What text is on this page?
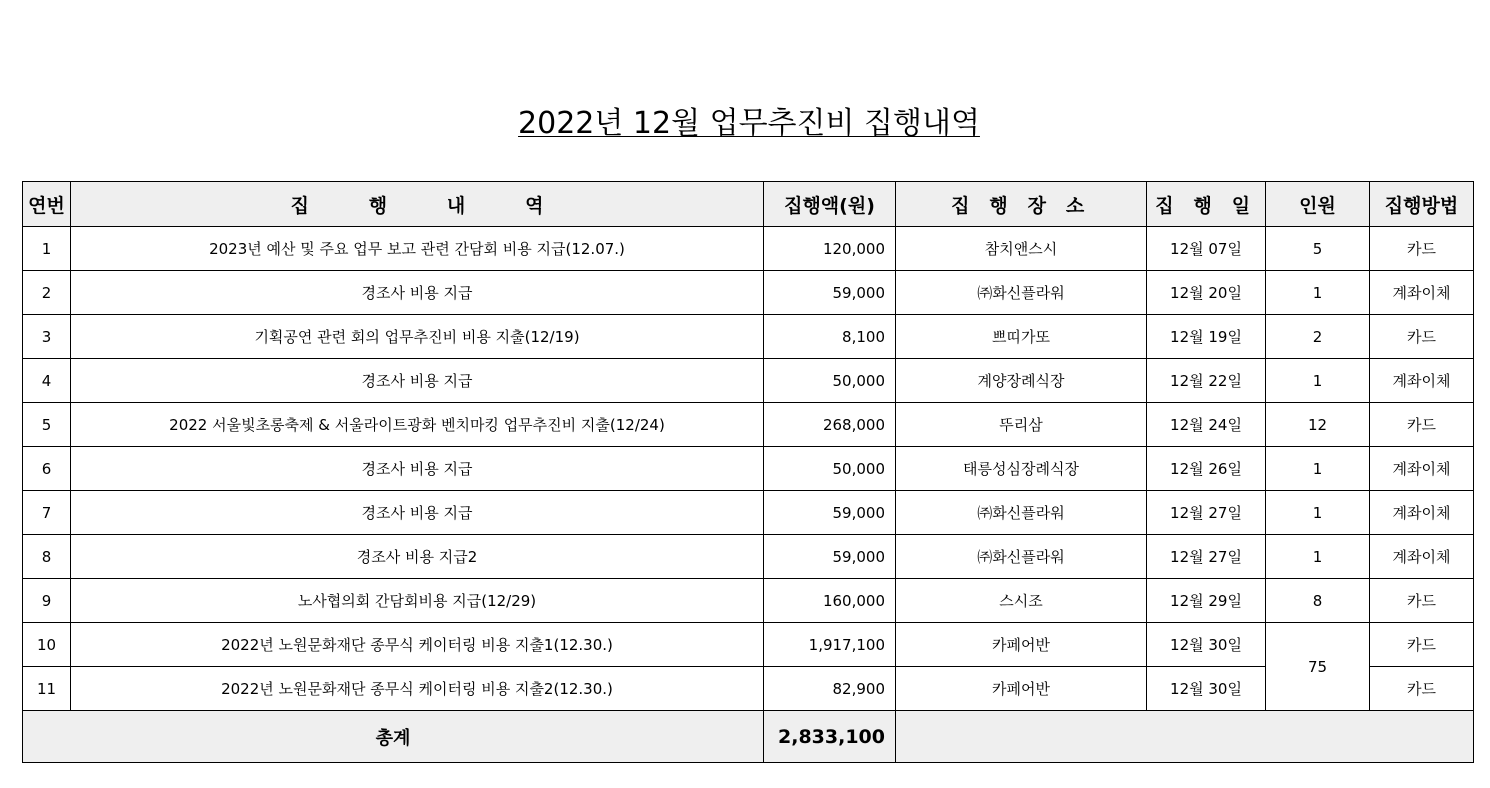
2022년 12월 업무추진비 집행내역
연번	집 행 내 역	집행액(원)	집 행 장 소	집 행 일	인원	집행방법
1	2023년 예산 및 주요 업무 보고 관련 간담회 비용 지급(12.07.)	120,000	참치앤스시	12월 07일	5	카드
2	경조사 비용 지급	59,000	㈜화신플라워	12월 20일	1	계좌이체
3	기획공연 관련 회의 업무추진비 비용 지출(12/19)	8,100	쁘띠가또	12월 19일	2	카드
4	경조사 비용 지급	50,000	계양장례식장	12월 22일	1	계좌이체
5	2022 서울빛초롱축제 & 서울라이트광화 벤치마킹 업무추진비 지출(12/24)	268,000	뚜리삼	12월 24일	12	카드
6	경조사 비용 지급	50,000	태릉성심장례식장	12월 26일	1	계좌이체
7	경조사 비용 지급	59,000	㈜화신플라워	12월 27일	1	계좌이체
8	경조사 비용 지급2	59,000	㈜화신플라워	12월 27일	1	계좌이체
9	노사협의회 간담회비용 지급(12/29)	160,000	스시조	12월 29일	8	카드
10	2022년 노원문화재단 종무식 케이터링 비용 지출1(12.30.)	1,917,100	카페어반	12월 30일	75	카드
11	2022년 노원문화재단 종무식 케이터링 비용 지출2(12.30.)	82,900	카페어반	12월 30일		카드
총계		2,833,100				
